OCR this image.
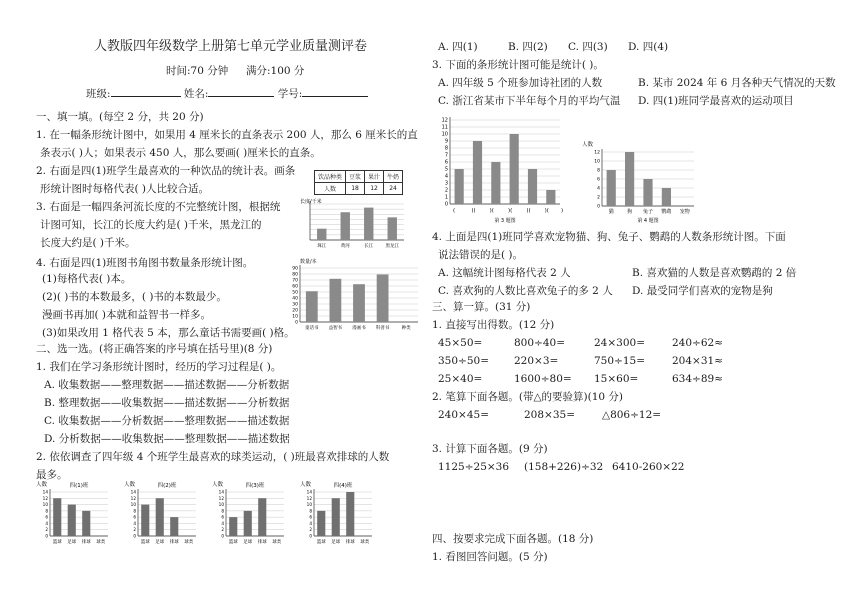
人教版四年级数学上册第七单元学业质量测评卷
时间:70 分钟 满分:100 分
班级:	姓名:	学号:
一、填一填。(每空 2 分，共 20 分)
1. 在一幅条形统计图中，如果用 4 厘米长的直条表示 200 人，那么 6 厘米长的直
条表示( )人；如果表示 450 人，那么要画( )厘米长的直条。
2. 右面是四(1)班学生最喜欢的一种饮品的统计表。画条
形统计图时每格代表( )人比较合适。
饮品种类	豆浆	果汁	牛奶
人数	18	12	24
3. 右面是一幅四条河流长度的不完整统计图，根据统
计图可知，长江的长度大约是( )千米，黑龙江的
长度大约是( )千米。
长度/千米
珠江	黄河	长江	黑龙江
4. 右面是四(1)班图书角图书数量条形统计图。
(1)每格代表( )本。
(2)( )书的本数最多，( )书的本数最少。
漫画书再加( )本就和益智书一样多。
(3)如果改用 1 格代表 5 本，那么童话书需要画( )格。
数量/本
0
10
20
30
40
50
60
70
80
90
童话书 益智书 漫画书 科普书	种类
二、选一选。(将正确答案的序号填在括号里)(8 分)
1. 我们在学习条形统计图时，经历的学习过程是( )。
A. 收集数据——整理数据——描述数据——分析数据
B. 整理数据——收集数据——描述数据——分析数据
C. 收集数据——分析数据——整理数据——描述数据
D. 分析数据——收集数据——整理数据——描述数据
2. 依依调查了四年级 4 个班学生最喜欢的球类运动，( )班最喜欢排球的人数
最多。
人数	四(1)班
0
2
4
6
8
10
12
14
篮球 足球 排球 球类
人数	四(2)班
0
2
4
6
8
10
12
14
篮球 足球 排球 球类
人数	四(3)班
0
2
4
6
8
10
12
14
篮球 足球 排球 球类
人数	四(4)班
0
2
4
6
8
10
12
14
篮球 足球 排球 球类
A. 四(1)	B. 四(2) C. 四(3) D. 四(4)
3. 下面的条形统计图可能是统计( )。
A. 四年级 5 个班参加诗社团的人数	B. 某市 2024 年 6 月各种天气情况的天数
C. 浙江省某市下半年每个月的平均气温 D. 四(1)班同学最喜欢的运动项目
0
1
2
3
4
5
6
7
8
9
10
11
12
(	)(	)(	)(	)(	)( )
第 3 题图
人数
0
2
4
6
8
10
12
猫	狗 兔子 鹦鹉 宠物
第 4 题图
4. 上面是四(1)班同学喜欢宠物猫、狗、兔子、鹦鹉的人数条形统计图。下面
说法错误的是( )。
A. 这幅统计图每格代表 2 人	B. 喜欢猫的人数是喜欢鹦鹉的 2 倍
C. 喜欢狗的人数比喜欢兔子的多 2 人 D. 最受同学们喜欢的宠物是狗
三、算一算。(31 分)
1. 直接写出得数。(12 分)
45×50=	800÷40=	24×300=	240÷62≈
350÷50= 220×3=	750÷15=	204×31≈
25×40=	1600÷80= 15×60=	634÷89≈
2. 笔算下面各题。(带△的要验算)(10 分)
240×45=	208×35=	△806÷12=
3. 计算下面各题。(9 分)
1125÷25×36 (158+226)÷32 6410-260×22
四、按要求完成下面各题。(18 分)
1. 看图回答问题。(5 分)
